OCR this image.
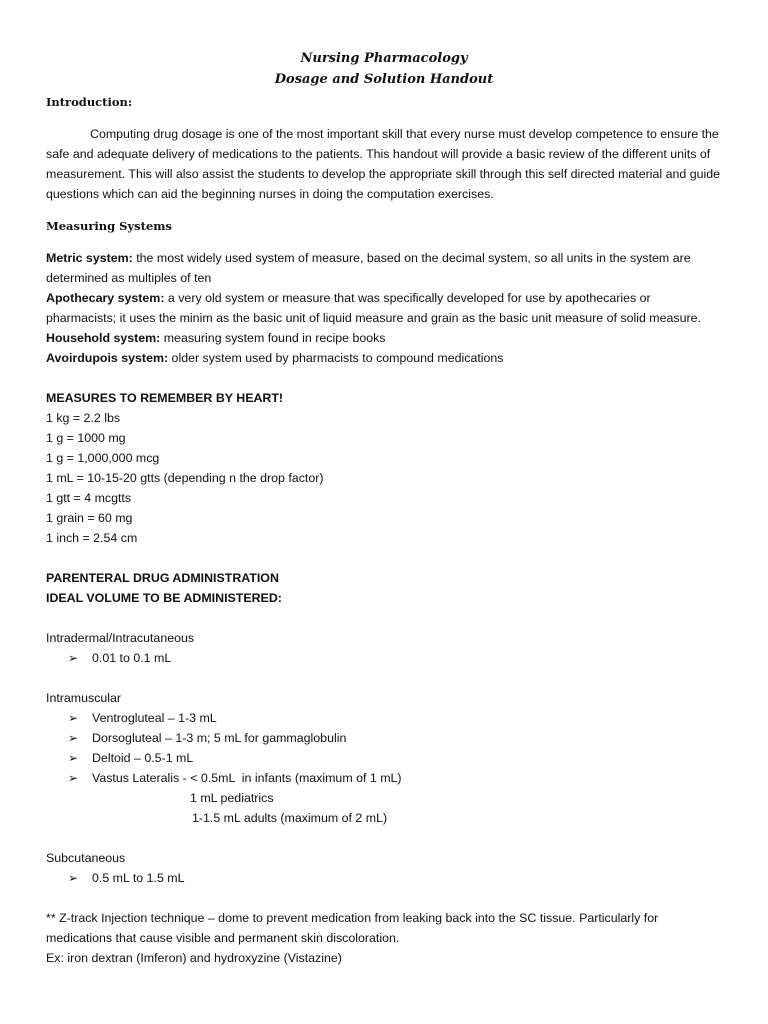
Nursing Pharmacology

Dosage and Solution Handout

Introduction:

Computing drug dosage is one of the most important skill that every nurse must develop competence to ensure the safe and adequate delivery of medications to the patients. This handout will provide a basic review of the different units of measurement. This will also assist the students to develop the appropriate skill through this self directed material and guide questions which can aid the beginning nurses in doing the computation exercises.

Measuring Systems

Metric system: the most widely used system of measure, based on the decimal system, so all units in the system are determined as multiples of ten

Apothecary system: a very old system or measure that was specifically developed for use by apothecaries or pharmacists; it uses the minim as the basic unit of liquid measure and grain as the basic unit measure of solid measure.

Household system: measuring system found in recipe books

Avoirdupois system: older system used by pharmacists to compound medications

MEASURES TO REMEMBER BY HEART!

1 kg = 2.2 lbs

1 g = 1000 mg

1 g = 1,000,000 mcg

1 mL = 10-15-20 gtts (depending n the drop factor)

1 gtt = 4 mcgtts

1 grain = 60 mg

1 inch = 2.54 cm

PARENTERAL DRUG ADMINISTRATION

IDEAL VOLUME TO BE ADMINISTERED:

Intradermal/Intracutaneous

➢	0.01 to 0.1 mL

Intramuscular

➢	Ventrogluteal – 1-3 mL
➢	Dorsogluteal – 1-3 m; 5 mL for gammaglobulin
➢	Deltoid – 0.5-1 mL
➢	Vastus Lateralis - < 0.5mL  in infants (maximum of 1 mL)

1 mL pediatrics

1-1.5 mL adults (maximum of 2 mL)

Subcutaneous

➢	0.5 mL to 1.5 mL

** Z-track Injection technique – dome to prevent medication from leaking back into the SC tissue. Particularly for medications that cause visible and permanent skin discoloration.

Ex: iron dextran (Imferon) and hydroxyzine (Vistazine)
